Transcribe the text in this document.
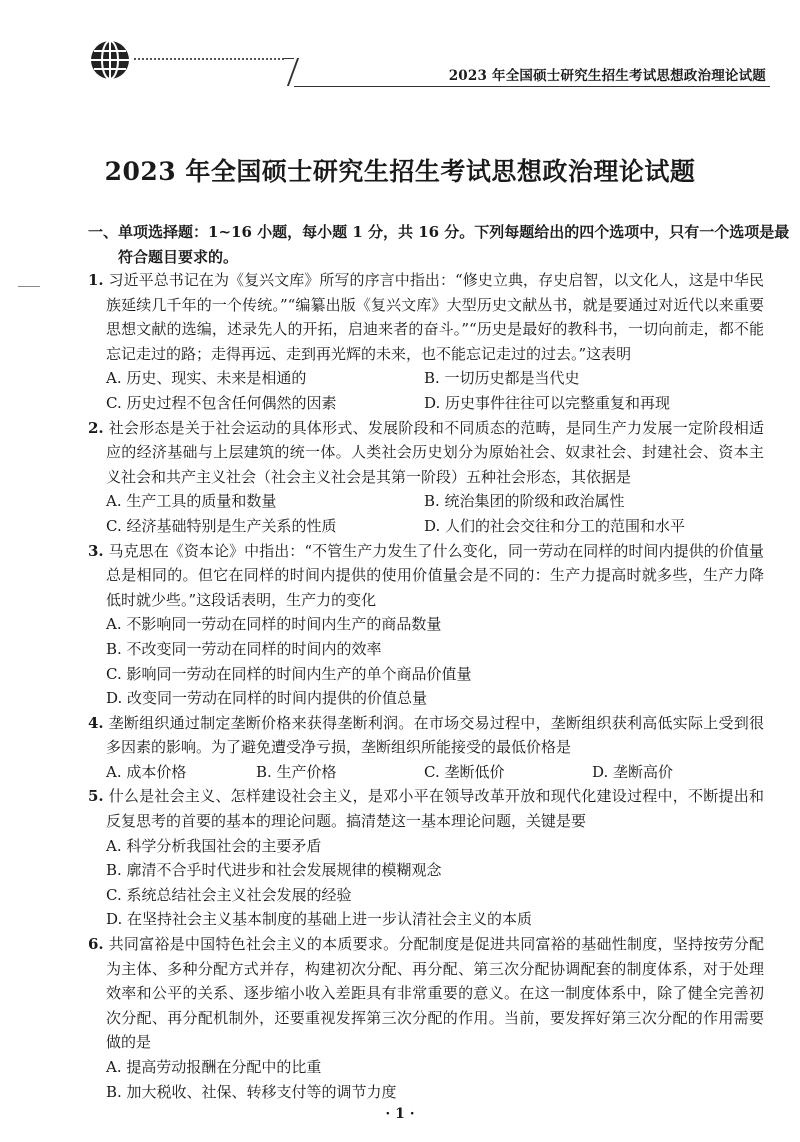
2023 年全国硕士研究生招生考试思想政治理论试题
2023 年全国硕士研究生招生考试思想政治理论试题
一、单项选择题：1~16 小题，每小题 1 分，共 16 分。下列每题给出的四个选项中，只有一个选项是最符合题目要求的。
1. 习近平总书记在为《复兴文库》所写的序言中指出：“修史立典，存史启智，以文化人，这是中华民族延续几千年的一个传统。”“编纂出版《复兴文库》大型历史文献丛书，就是要通过对近代以来重要思想文献的选编，述录先人的开拓，启迪来者的奋斗。”“历史是最好的教科书，一切向前走，都不能忘记走过的路；走得再远、走到再光辉的未来，也不能忘记走过的过去。”这表明
A. 历史、现实、未来是相通的	B. 一切历史都是当代史
C. 历史过程不包含任何偶然的因素	D. 历史事件往往可以完整重复和再现
2. 社会形态是关于社会运动的具体形式、发展阶段和不同质态的范畴，是同生产力发展一定阶段相适应的经济基础与上层建筑的统一体。人类社会历史划分为原始社会、奴隶社会、封建社会、资本主义社会和共产主义社会（社会主义社会是其第一阶段）五种社会形态，其依据是
A. 生产工具的质量和数量	B. 统治集团的阶级和政治属性
C. 经济基础特别是生产关系的性质	D. 人们的社会交往和分工的范围和水平
3. 马克思在《资本论》中指出：“不管生产力发生了什么变化，同一劳动在同样的时间内提供的价值量总是相同的。但它在同样的时间内提供的使用价值量会是不同的：生产力提高时就多些，生产力降低时就少些。”这段话表明，生产力的变化
A. 不影响同一劳动在同样的时间内生产的商品数量
B. 不改变同一劳动在同样的时间内的效率
C. 影响同一劳动在同样的时间内生产的单个商品价值量
D. 改变同一劳动在同样的时间内提供的价值总量
4. 垄断组织通过制定垄断价格来获得垄断利润。在市场交易过程中，垄断组织获利高低实际上受到很多因素的影响。为了避免遭受净亏损，垄断组织所能接受的最低价格是
A. 成本价格	B. 生产价格	C. 垄断低价	D. 垄断高价
5. 什么是社会主义、怎样建设社会主义，是邓小平在领导改革开放和现代化建设过程中，不断提出和反复思考的首要的基本的理论问题。搞清楚这一基本理论问题，关键是要
A. 科学分析我国社会的主要矛盾
B. 廓清不合乎时代进步和社会发展规律的模糊观念
C. 系统总结社会主义社会发展的经验
D. 在坚持社会主义基本制度的基础上进一步认清社会主义的本质
6. 共同富裕是中国特色社会主义的本质要求。分配制度是促进共同富裕的基础性制度，坚持按劳分配为主体、多种分配方式并存，构建初次分配、再分配、第三次分配协调配套的制度体系，对于处理效率和公平的关系、逐步缩小收入差距具有非常重要的意义。在这一制度体系中，除了健全完善初次分配、再分配机制外，还要重视发挥第三次分配的作用。当前，要发挥好第三次分配的作用需要做的是
A. 提高劳动报酬在分配中的比重
B. 加大税收、社保、转移支付等的调节力度
· 1 ·
